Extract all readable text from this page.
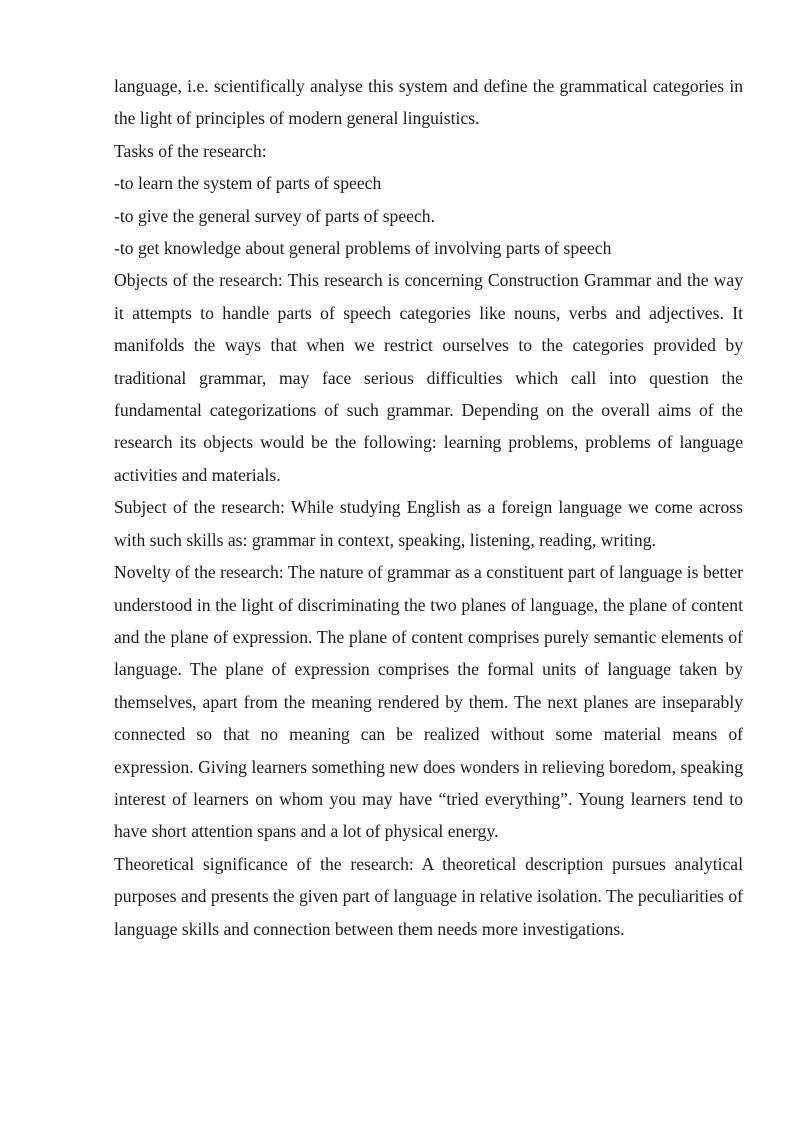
language, i.e. scientifically analyse this system and define the grammatical categories in the light of principles of modern general linguistics.

Tasks of the research:

-to learn the system of parts of speech

-to give the general survey of parts of speech.

-to get knowledge about general problems of involving parts of speech

Objects of the research: This research is concerning Construction Grammar and the way it attempts to handle parts of speech categories like nouns, verbs and adjectives. It manifolds the ways that when we restrict ourselves to the categories provided by traditional grammar, may face serious difficulties which call into question the fundamental categorizations of such grammar. Depending on the overall aims of the research its objects would be the following: learning problems, problems of language activities and materials.

Subject of the research: While studying English as a foreign language we come across with such skills as: grammar in context, speaking, listening, reading, writing.

Novelty of the research: The nature of grammar as a constituent part of language is better understood in the light of discriminating the two planes of language, the plane of content and the plane of expression. The plane of content comprises purely semantic elements of language. The plane of expression comprises the formal units of language taken by themselves, apart from the meaning rendered by them. The next planes are inseparably connected so that no meaning can be realized without some material means of expression. Giving learners something new does wonders in relieving boredom, speaking interest of learners on whom you may have “tried everything”. Young learners tend to have short attention spans and a lot of physical energy.

Theoretical significance of the research: A theoretical description pursues analytical purposes and presents the given part of language in relative isolation. The peculiarities of language skills and connection between them needs more investigations.
